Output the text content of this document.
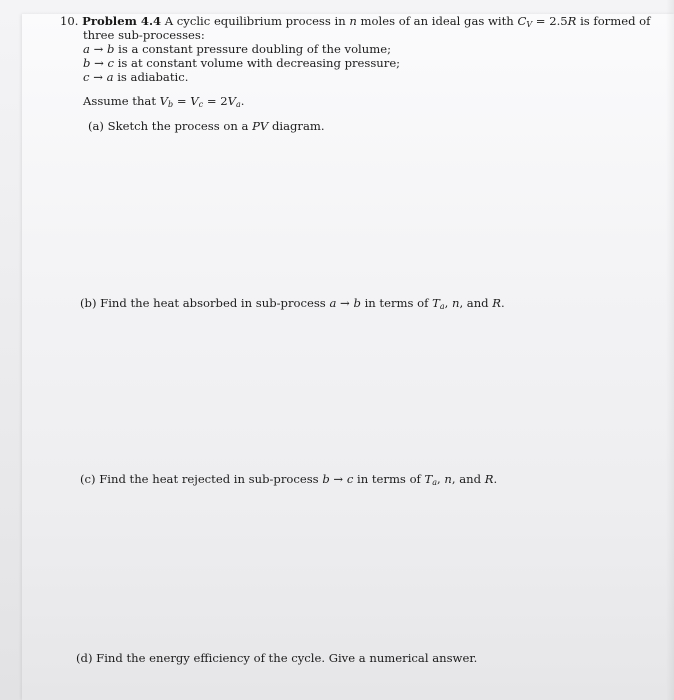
10. Problem 4.4 A cyclic equilibrium process in n moles of an ideal gas with $C_V = 2.5R$ is formed of
three sub-processes:
a → b is a constant pressure doubling of the volume;
b → c is at constant volume with decreasing pressure;
c → a is adiabatic.
Assume that $V_b = V_c = 2V_a$.
(a) Sketch the process on a PV diagram.
(b) Find the heat absorbed in sub-process a → b in terms of $T_a$, n, and R.
(c) Find the heat rejected in sub-process b → c in terms of $T_a$, n, and R.
(d) Find the energy efficiency of the cycle. Give a numerical answer.
